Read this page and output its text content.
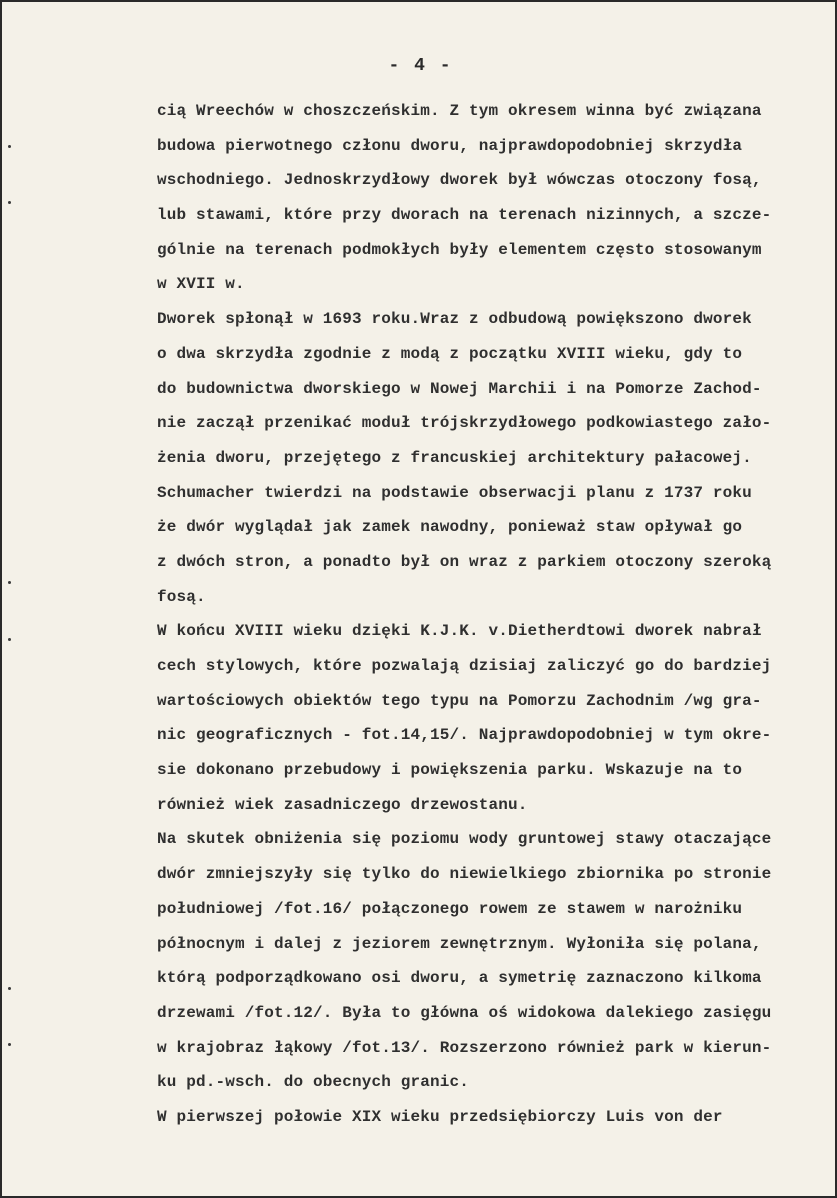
- 4 -
cią Wreechów w choszczeńskim. Z tym okresem winna być związana
budowa pierwotnego członu dworu, najprawdopodobniej skrzydła
wschodniego. Jednoskrzydłowy dworek był wówczas otoczony fosą,
lub stawami, które przy dworach na terenach nizinnych, a szcze-
gólnie na terenach podmokłych były elementem często stosowanym
w XVII w.
Dworek spłonął w 1693 roku.Wraz z odbudową powiększono dworek
o dwa skrzydła zgodnie z modą z początku XVIII wieku, gdy to
do budownictwa dworskiego w Nowej Marchii i na Pomorze Zachod-
nie zaczął przenikać moduł trójskrzydłowego podkowiastego zało-
żenia dworu, przejętego z francuskiej architektury pałacowej.
Schumacher twierdzi na podstawie obserwacji planu z 1737 roku
że dwór wyglądał jak zamek nawodny, ponieważ staw opływał go
z dwóch stron, a ponadto był on wraz z parkiem otoczony szeroką
fosą.
W końcu XVIII wieku dzięki K.J.K. v.Dietherdtowi dworek nabrał
cech stylowych, które pozwalają dzisiaj zaliczyć go do bardziej
wartościowych obiektów tego typu na Pomorzu Zachodnim /wg gra-
nic geograficznych - fot.14,15/. Najprawdopodobniej w tym okre-
sie dokonano przebudowy i powiększenia parku. Wskazuje na to
również wiek zasadniczego drzewostanu.
Na skutek obniżenia się poziomu wody gruntowej stawy otaczające
dwór zmniejszyły się tylko do niewielkiego zbiornika po stronie
południowej /fot.16/ połączonego rowem ze stawem w narożniku
północnym i dalej z jeziorem zewnętrznym. Wyłoniła się polana,
którą podporządkowano osi dworu, a symetrię zaznaczono kilkoma
drzewami /fot.12/. Była to główna oś widokowa dalekiego zasięgu
w krajobraz łąkowy /fot.13/. Rozszerzono również park w kierun-
ku pd.-wsch. do obecnych granic.
W pierwszej połowie XIX wieku przedsiębiorczy Luis von der
